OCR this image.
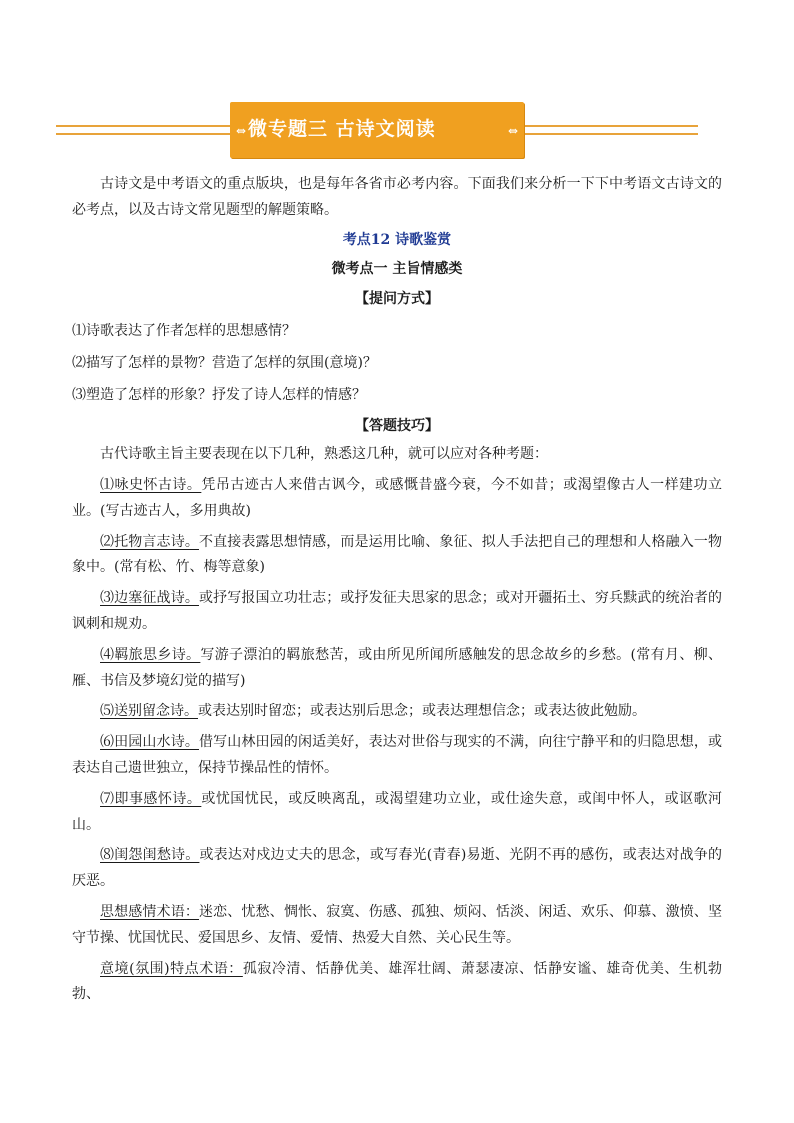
⇔ 微专题三 古诗文阅读	⇔

古诗文是中考语文的重点版块，也是每年各省市必考内容。下面我们来分析一下下中考语文古诗文的必考点，以及古诗文常见题型的解题策略。

考点12 诗歌鉴赏

微考点一 主旨情感类

【提问方式】

⑴诗歌表达了作者怎样的思想感情？

⑵描写了怎样的景物？营造了怎样的氛围(意境)？

⑶塑造了怎样的形象？抒发了诗人怎样的情感？

【答题技巧】

古代诗歌主旨主要表现在以下几种，熟悉这几种，就可以应对各种考题：

⑴咏史怀古诗。凭吊古迹古人来借古讽今，或感慨昔盛今衰，今不如昔；或渴望像古人一样建功立业。(写古迹古人，多用典故)

⑵托物言志诗。不直接表露思想情感，而是运用比喻、象征、拟人手法把自己的理想和人格融入一物象中。(常有松、竹、梅等意象)

⑶边塞征战诗。或抒写报国立功壮志；或抒发征夫思家的思念；或对开疆拓土、穷兵黩武的统治者的讽刺和规劝。

⑷羁旅思乡诗。写游子漂泊的羁旅愁苦，或由所见所闻所感触发的思念故乡的乡愁。(常有月、柳、雁、书信及梦境幻觉的描写)

⑸送别留念诗。或表达别时留恋；或表达别后思念；或表达理想信念；或表达彼此勉励。

⑹田园山水诗。借写山林田园的闲适美好，表达对世俗与现实的不满，向往宁静平和的归隐思想，或表达自己遗世独立，保持节操品性的情怀。

⑺即事感怀诗。或忧国忧民，或反映离乱，或渴望建功立业，或仕途失意，或闺中怀人，或讴歌河山。

⑻闺怨闺愁诗。或表达对戍边丈夫的思念，或写春光(青春)易逝、光阴不再的感伤，或表达对战争的厌恶。

思想感情术语：迷恋、忧愁、惆怅、寂寞、伤感、孤独、烦闷、恬淡、闲适、欢乐、仰慕、激愤、坚守节操、忧国忧民、爱国思乡、友情、爱情、热爱大自然、关心民生等。

意境(氛围)特点术语：孤寂冷清、恬静优美、雄浑壮阔、萧瑟凄凉、恬静安谧、雄奇优美、生机勃勃、
